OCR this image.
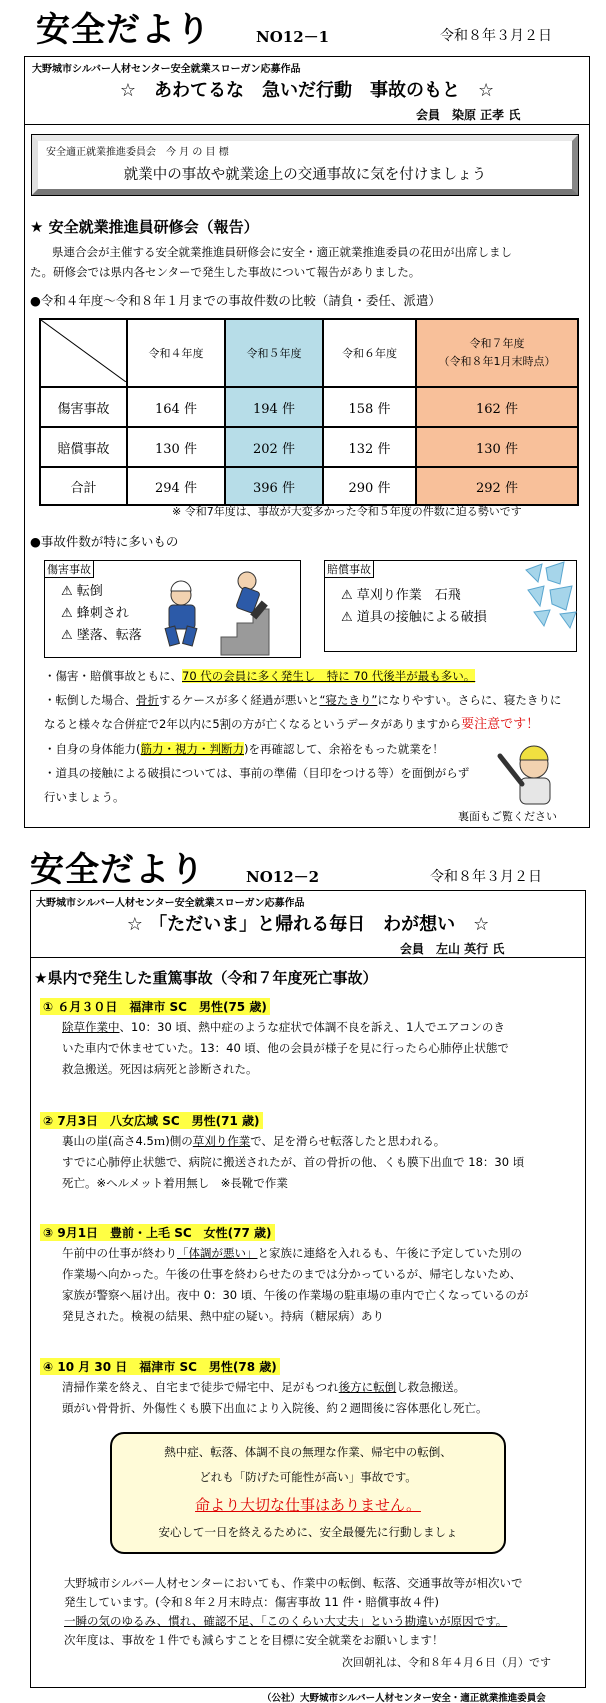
安全だより	NO12－1	令和８年３月２日
大野城市シルバー人材センター安全就業スローガン応募作品
☆　あわてるな　急いだ行動　事故のもと　☆
会員　染原 正孝 氏
安全適正就業推進委員会　今 月 の 目 標
就業中の事故や就業途上の交通事故に気を付けましょう
★ 安全就業推進員研修会（報告）
県連合会が主催する安全就業推進員研修会に安全・適正就業推進委員の花田が出席しまし
た。研修会では県内各センターで発生した事故について報告がありました。
●令和４年度～令和８年１月までの事故件数の比較（請負・委任、派遣）
	令和４年度	令和５年度	令和６年度	令和７年度
（令和８年1月末時点）

傷害事故	164 件	194 件	158 件	162 件
賠償事故	130 件	202 件	132 件	130 件
合計	294 件	396 件	290 件	292 件
※ 令和7年度は、事故が大変多かった令和５年度の件数に迫る勢いです
●事故件数が特に多いもの
傷害事故
⚠ 転倒
⚠ 蜂刺され
⚠ 墜落、転落
賠償事故
⚠ 草刈り作業　石飛
⚠ 道具の接触による破損
・傷害・賠償事故ともに、70 代の会員に多く発生し　特に 70 代後半が最も多い。
・転倒した場合、骨折するケースが多く経過が悪いと“寝たきり”になりやすい。さらに、寝たきりに
なると様々な合併症で2年以内に5割の方が亡くなるというデータがありますから要注意です！
・自身の身体能力(筋力・視力・判断力)を再確認して、余裕をもった就業を！
・道具の接触による破損については、事前の準備（目印をつける等）を面倒がらず
行いましょう。
裏面もご覧ください
安全だより	NO12－2	令和８年３月２日
大野城市シルバー人材センター安全就業スローガン応募作品
☆ 「ただいま」と帰れる毎日　わが想い　☆
会員　左山 英行 氏
★県内で発生した重篤事故（令和７年度死亡事故）
① ６月３０日　福津市 SC　男性(75 歳)
除草作業中、10：30 頃、熱中症のような症状で体調不良を訴え、1人でエアコンのき
いた車内で休ませていた。13：40 頃、他の会員が様子を見に行ったら心肺停止状態で
救急搬送。死因は病死と診断された。
② 7月3日　八女広域 SC　男性(71 歳)
裏山の崖(高さ4.5ｍ)側の草刈り作業で、足を滑らせ転落したと思われる。
すでに心肺停止状態で、病院に搬送されたが、首の骨折の他、くも膜下出血で 18：30 頃
死亡。※ヘルメット着用無し　※長靴で作業
③ 9月1日　豊前・上毛 SC　女性(77 歳)
午前中の仕事が終わり「体調が悪い」と家族に連絡を入れるも、午後に予定していた別の
作業場へ向かった。午後の仕事を終わらせたのまでは分かっているが、帰宅しないため、
家族が警察へ届け出。夜中 0：30 頃、午後の作業場の駐車場の車内で亡くなっているのが
発見された。検視の結果、熱中症の疑い。持病（糖尿病）あり
④ 10 月 30 日　福津市 SC　男性(78 歳)
清掃作業を終え、自宅まで徒歩で帰宅中、足がもつれ後方に転倒し救急搬送。
頭がい骨骨折、外傷性くも膜下出血により入院後、約２週間後に容体悪化し死亡。
熱中症、転落、体調不良の無理な作業、帰宅中の転倒、
どれも「防げた可能性が高い」事故です。
命より大切な仕事はありません。
安心して一日を終えるために、安全最優先に行動しましょ
大野城市シルバー人材センターにおいても、作業中の転倒、転落、交通事故等が相次いで
発生しています。(令和８年２月末時点：傷害事故 11 件・賠償事故４件)
一瞬の気のゆるみ、慣れ、確認不足、「このくらい大丈夫」という勘違いが原因です。
次年度は、事故を１件でも減らすことを目標に安全就業をお願いします！
次回朝礼は、令和８年４月６日（月）です
（公社）大野城市シルバー人材センター安全・適正就業推進委員会
